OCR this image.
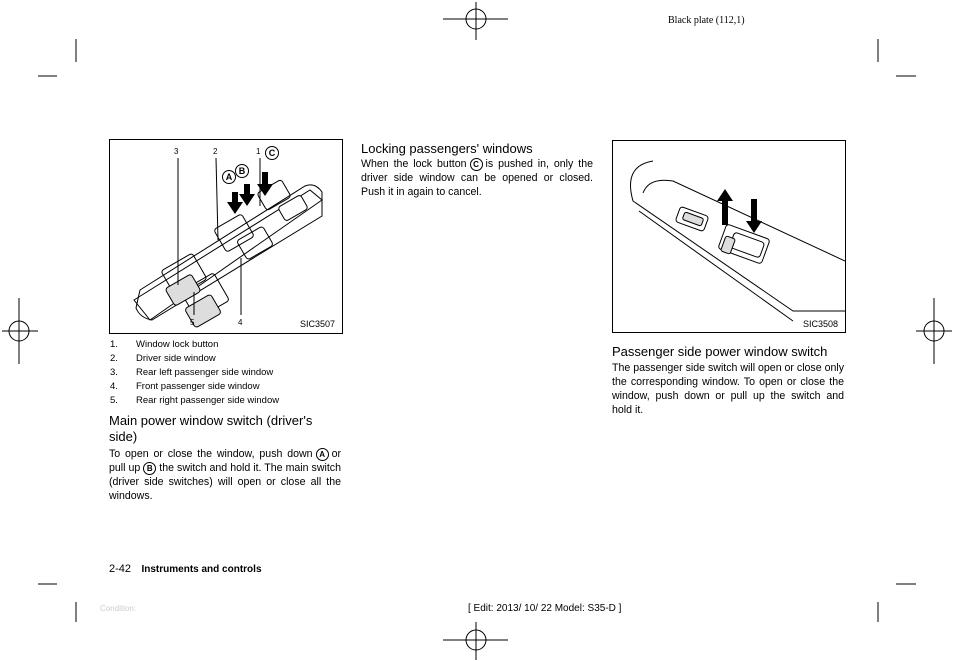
Black plate (112,1)
3	2	1
5	4
A
B
C
SIC3507
1.	Window lock button
2.	Driver side window
3.	Rear left passenger side window
4.	Front passenger side window
5.	Rear right passenger side window
Main power window switch (driver's side)
To open or close the window, push down A or pull up B the switch and hold it. The main switch (driver side switches) will open or close all the windows.
Locking passengers' windows
When the lock button C is pushed in, only the driver side window can be opened or closed. Push it in again to cancel.
SIC3508
Passenger side power window switch
The passenger side switch will open or close only the corresponding window. To open or close the window, push down or pull up the switch and hold it.
2-42 Instruments and controls
Condition:	[ Edit: 2013/ 10/ 22 Model: S35-D ]
